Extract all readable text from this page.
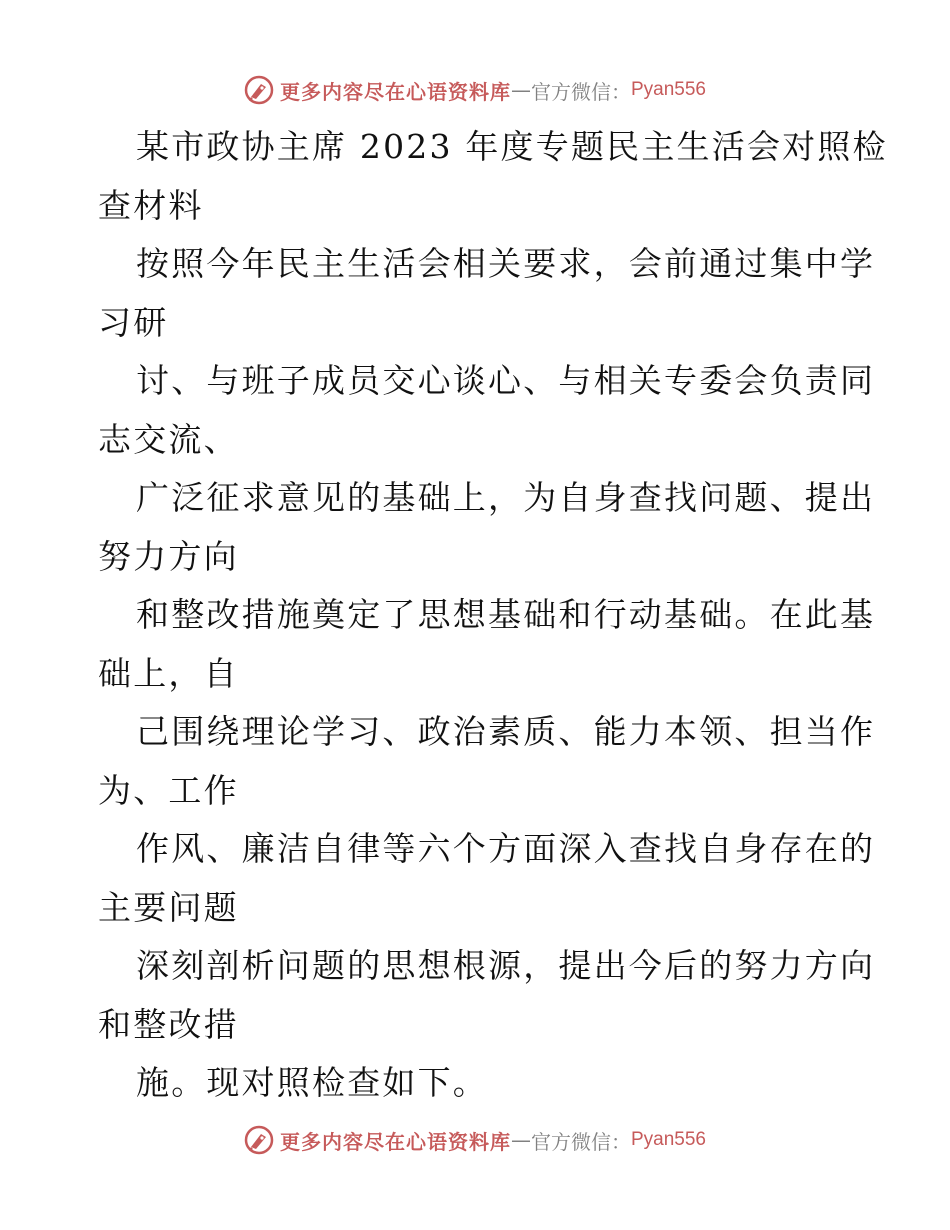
更多内容尽在心语资料库 — 官方微信： Pyan556
某市政协主席 2023 年度专题民主生活会对照检
查材料
按照今年民主生活会相关要求，会前通过集中学
习研
讨、与班子成员交心谈心、与相关专委会负责同
志交流、
广泛征求意见的基础上，为自身查找问题、提出
努力方向
和整改措施奠定了思想基础和行动基础。在此基
础上，自
己围绕理论学习、政治素质、能力本领、担当作
为、工作
作风、廉洁自律等六个方面深入查找自身存在的
主要问题
深刻剖析问题的思想根源，提出今后的努力方向
和整改措
施。现对照检查如下。
更多内容尽在心语资料库 — 官方微信： Pyan556
